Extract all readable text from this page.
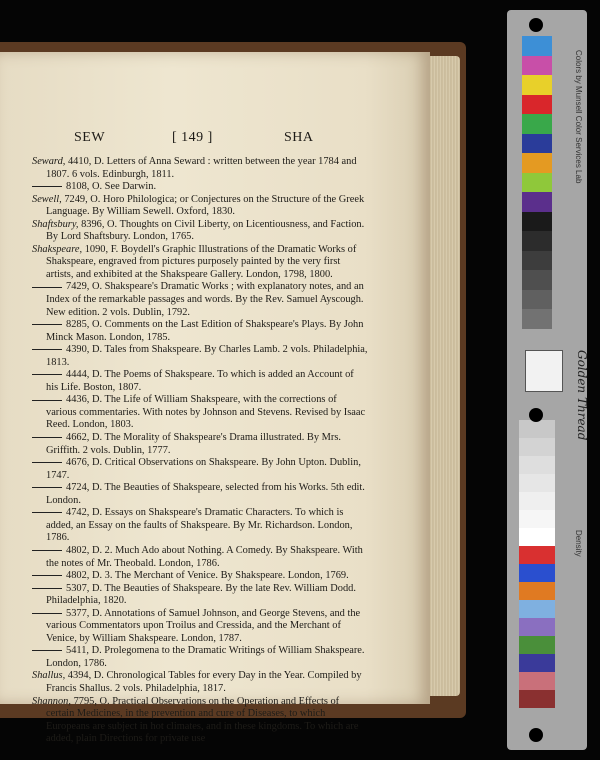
SEW	[ 149 ]	SHA
Seward, 4410, D. Letters of Anna Seward : written between the year 1784 and 1807. 6 vols. Edinburgh, 1811.
8108, O. See Darwin.
Sewell, 7249, O. Horo Philologica; or Conjectures on the Structure of the Greek Language. By William Sewell. Oxford, 1830.
Shaftsbury, 8396, O. Thoughts on Civil Liberty, on Licentiousness, and Faction. By Lord Shaftsbury. London, 1765.
Shakspeare, 1090, F. Boydell's Graphic Illustrations of the Dramatic Works of Shakspeare, engraved from pictures purposely painted by the very first artists, and exhibited at the Shakspeare Gallery. London, 1798, 1800.
7429, O. Shakspeare's Dramatic Works ; with explanatory notes, and an Index of the remarkable passages and words. By the Rev. Samuel Ayscough. New edition. 2 vols. Dublin, 1792.
8285, O. Comments on the Last Edition of Shakspeare's Plays. By John Minck Mason. London, 1785.
4390, D. Tales from Shakspeare. By Charles Lamb. 2 vols. Philadelphia, 1813.
4444, D. The Poems of Shakspeare. To which is added an Account of his Life. Boston, 1807.
4436, D. The Life of William Shakspeare, with the corrections of various commentaries. With notes by Johnson and Stevens. Revised by Isaac Reed. London, 1803.
4662, D. The Morality of Shakspeare's Drama illustrated. By Mrs. Griffith. 2 vols. Dublin, 1777.
4676, D. Critical Observations on Shakspeare. By John Upton. Dublin, 1747.
4724, D. The Beauties of Shakspeare, selected from his Works. 5th edit. London.
4742, D. Essays on Shakspeare's Dramatic Characters. To which is added, an Essay on the faults of Shakspeare. By Mr. Richardson. London, 1786.
4802, D. 2. Much Ado about Nothing. A Comedy. By Shakspeare. With the notes of Mr. Theobald. London, 1786.
4802, D. 3. The Merchant of Venice. By Shakspeare. London, 1769.
5307, D. The Beauties of Shakspeare. By the late Rev. William Dodd. Philadelphia, 1820.
5377, D. Annotations of Samuel Johnson, and George Stevens, and the various Commentators upon Troilus and Cressida, and the Merchant of Venice, by William Shakspeare. London, 1787.
5411, D. Prolegomena to the Dramatic Writings of William Shakspeare. London, 1786.
Shallus, 4394, D. Chronological Tables for every Day in the Year. Compiled by Francis Shallus. 2 vols. Philadelphia, 1817.
Shannon, 7795, O. Practical Observations on the Operation and Effects of certain Medicines, in the prevention and cure of Diseases, to which Europeans are subject in hot climates, and in these kingdoms. To which are added, plain Directions for private use
Golden Thread
Colors by Munsell Color Services Lab
Density
